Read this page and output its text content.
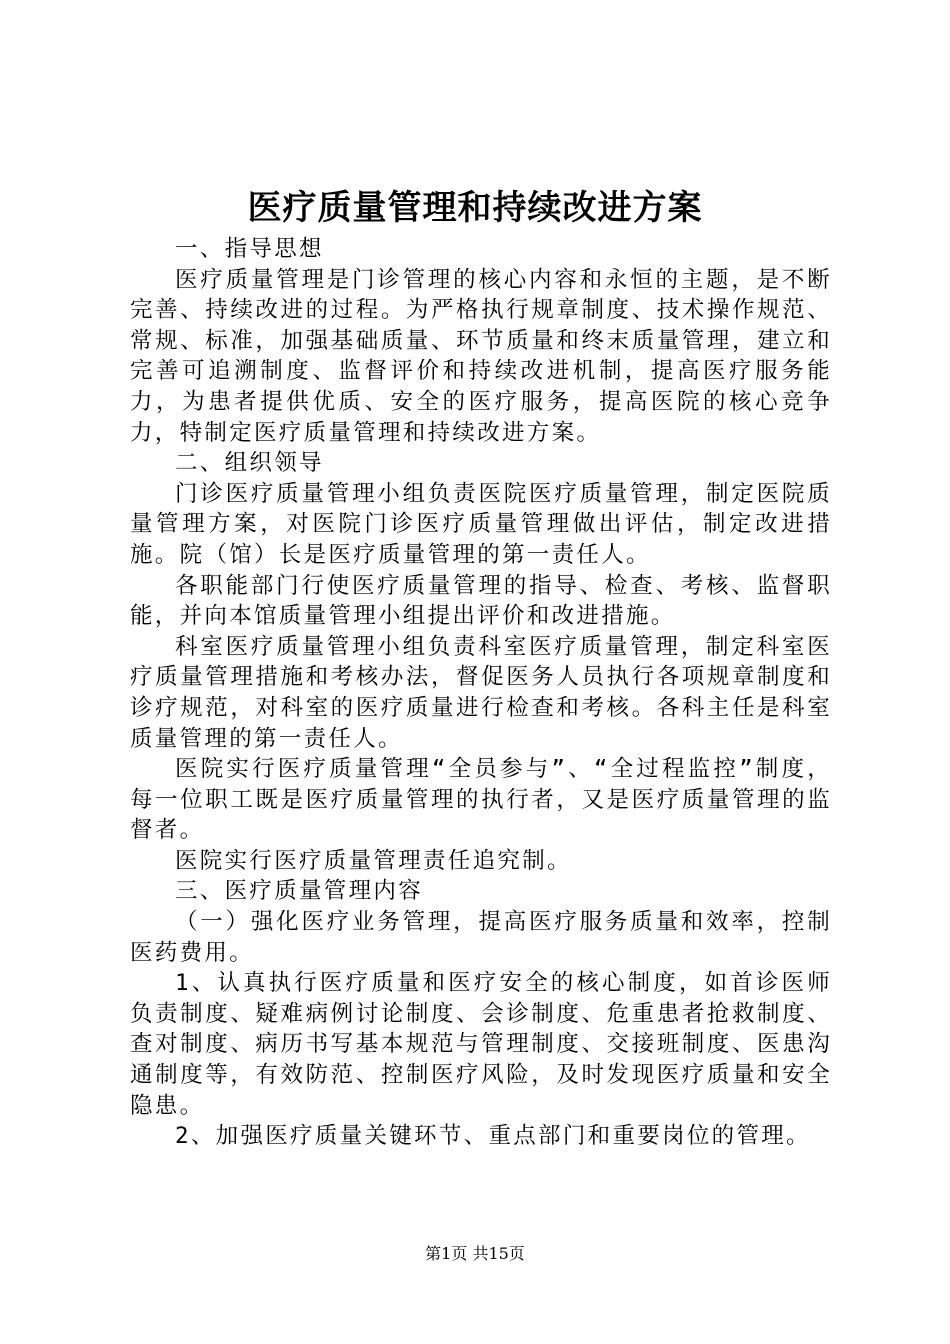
医疗质量管理和持续改进方案

一、指导思想

医疗质量管理是门诊管理的核心内容和永恒的主题，是不断完善、持续改进的过程。为严格执行规章制度、技术操作规范、常规、标准，加强基础质量、环节质量和终末质量管理，建立和完善可追溯制度、监督评价和持续改进机制，提高医疗服务能力，为患者提供优质、安全的医疗服务，提高医院的核心竞争力，特制定医疗质量管理和持续改进方案。

二、组织领导

门诊医疗质量管理小组负责医院医疗质量管理，制定医院质量管理方案，对医院门诊医疗质量管理做出评估，制定改进措施。院（馆）长是医疗质量管理的第一责任人。

各职能部门行使医疗质量管理的指导、检查、考核、监督职能，并向本馆质量管理小组提出评价和改进措施。

科室医疗质量管理小组负责科室医疗质量管理，制定科室医疗质量管理措施和考核办法，督促医务人员执行各项规章制度和诊疗规范，对科室的医疗质量进行检查和考核。各科主任是科室质量管理的第一责任人。

医院实行医疗质量管理“全员参与”、“全过程监控”制度，每一位职工既是医疗质量管理的执行者，又是医疗质量管理的监督者。

医院实行医疗质量管理责任追究制。

三、医疗质量管理内容

（一）强化医疗业务管理，提高医疗服务质量和效率，控制医药费用。

1、认真执行医疗质量和医疗安全的核心制度，如首诊医师负责制度、疑难病例讨论制度、会诊制度、危重患者抢救制度、查对制度、病历书写基本规范与管理制度、交接班制度、医患沟通制度等，有效防范、控制医疗风险，及时发现医疗质量和安全隐患。

2、加强医疗质量关键环节、重点部门和重要岗位的管理。

第1页 共15页
